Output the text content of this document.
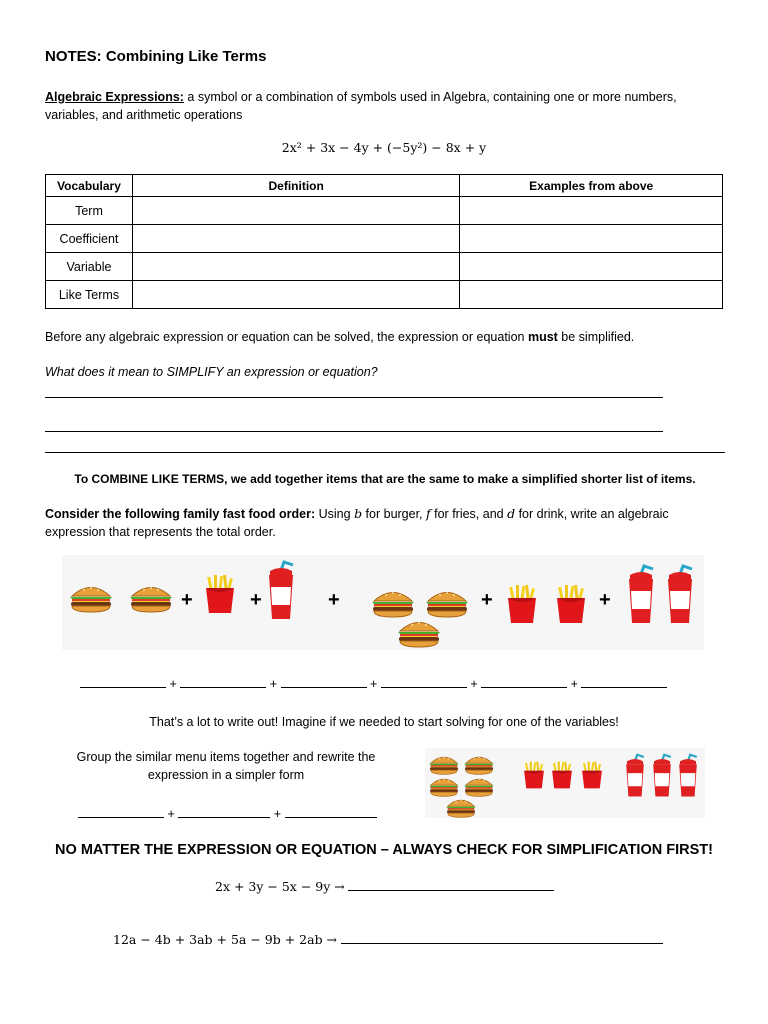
NOTES: Combining Like Terms
Algebraic Expressions: a symbol or a combination of symbols used in Algebra, containing one or more numbers, variables, and arithmetic operations
2x² + 3x − 4y + (−5y²) − 8x + y
Vocabulary	Definition	Examples from above
Term		
Coefficient		
Variable		
Like Terms		
Before any algebraic expression or equation can be solved, the expression or equation must be simplified.
What does it mean to SIMPLIFY an expression or equation?
To COMBINE LIKE TERMS, we add together items that are the same to make a simplified shorter list of items.
Consider the following family fast food order: Using b for burger, f for fries, and d for drink, write an algebraic expression that represents the total order.
+	+	+	+	+
+	+	+	+	+
That’s a lot to write out! Imagine if we needed to start solving for one of the variables!
Group the similar menu items together and rewrite the expression in a simpler form
+	+
NO MATTER THE EXPRESSION OR EQUATION – ALWAYS CHECK FOR SIMPLIFICATION FIRST!
2x + 3y − 5x − 9y →
12a − 4b + 3ab + 5a − 9b + 2ab →
